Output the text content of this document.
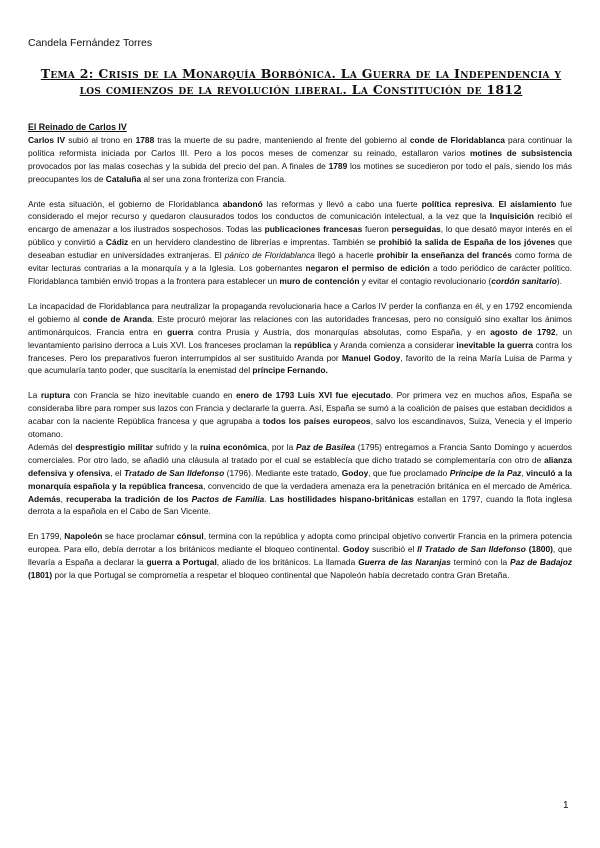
Candela Fernández Torres
Tema 2: Crisis de la Monarquía Borbónica. La Guerra de la Independencia y los comienzos de la revolución liberal. La Constitución de 1812
El Reinado de Carlos IV

Carlos IV subió al trono en 1788 tras la muerte de su padre, manteniendo al frente del gobierno al conde de Floridablanca para continuar la política reformista iniciada por Carlos III. Pero a los pocos meses de comenzar su reinado, estallaron varios motines de subsistencia provocados por las malas cosechas y la subida del precio del pan. A finales de 1789 los motines se sucedieron por todo el país, siendo los más preocupantes los de Cataluña al ser una zona fronteriza con Francia.

Ante esta situación, el gobierno de Floridablanca abandonó las reformas y llevó a cabo una fuerte política represiva. El aislamiento fue considerado el mejor recurso y quedaron clausurados todos los conductos de comunicación intelectual, a la vez que la Inquisición recibió el encargo de amenazar a los ilustrados sospechosos. Todas las publicaciones francesas fueron perseguidas, lo que desató mayor interés en el público y convirtió a Cádiz en un hervidero clandestino de librerías e imprentas. También se prohibió la salida de España de los jóvenes que deseaban estudiar en universidades extranjeras. El pánico de Floridablanca llegó a hacerle prohibir la enseñanza del francés como forma de evitar lecturas contrarias a la monarquía y a la Iglesia. Los gobernantes negaron el permiso de edición a todo periódico de carácter político. Floridablanca también envió tropas a la frontera para establecer un muro de contención y evitar el contagio revolucionario (cordón sanitario).

La incapacidad de Floridablanca para neutralizar la propaganda revolucionaria hace a Carlos IV perder la confianza en él, y en 1792 encomienda el gobierno al conde de Aranda. Este procuró mejorar las relaciones con las autoridades francesas, pero no consiguió sino exaltar los ánimos antimonárquicos. Francia entra en guerra contra Prusia y Austria, dos monarquías absolutas, como España, y en agosto de 1792, un levantamiento parisino derroca a Luis XVI. Los franceses proclaman la república y Aranda comienza a considerar inevitable la guerra contra los franceses. Pero los preparativos fueron interrumpidos al ser sustituido Aranda por Manuel Godoy, favorito de la reina María Luisa de Parma y que acumularía tanto poder, que suscitaría la enemistad del príncipe Fernando.

La ruptura con Francia se hizo inevitable cuando en enero de 1793 Luis XVI fue ejecutado. Por primera vez en muchos años, España se consideraba libre para romper sus lazos con Francia y declararle la guerra. Así, España se sumó a la coalición de países que estaban decididos a acabar con la naciente República francesa y que agrupaba a todos los países europeos, salvo los escandinavos, Suiza, Venecia y el imperio otomano.

Además del desprestigio militar sufrido y la ruina económica, por la Paz de Basilea (1795) entregamos a Francia Santo Domingo y acuerdos comerciales. Por otro lado, se añadió una cláusula al tratado por el cual se establecía que dicho tratado se complementaría con otro de alianza defensiva y ofensiva, el Tratado de San Ildefonso (1796). Mediante este tratado, Godoy, que fue proclamado Príncipe de la Paz, vinculó a la monarquía española y la república francesa, convencido de que la verdadera amenaza era la penetración británica en el mercado de América. Además, recuperaba la tradición de los Pactos de Familia. Las hostilidades hispano-británicas estallan en 1797, cuando la flota inglesa derrota a la española en el Cabo de San Vicente.

En 1799, Napoleón se hace proclamar cónsul, termina con la república y adopta como principal objetivo convertir Francia en la primera potencia europea. Para ello, debía derrotar a los británicos mediante el bloqueo continental. Godoy suscribió el II Tratado de San Ildefonso (1800), que llevaría a España a declarar la guerra a Portugal, aliado de los británicos. La llamada Guerra de las Naranjas terminó con la Paz de Badajoz (1801) por la que Portugal se comprometía a respetar el bloqueo continental que Napoleón había decretado contra Gran Bretaña.

1
